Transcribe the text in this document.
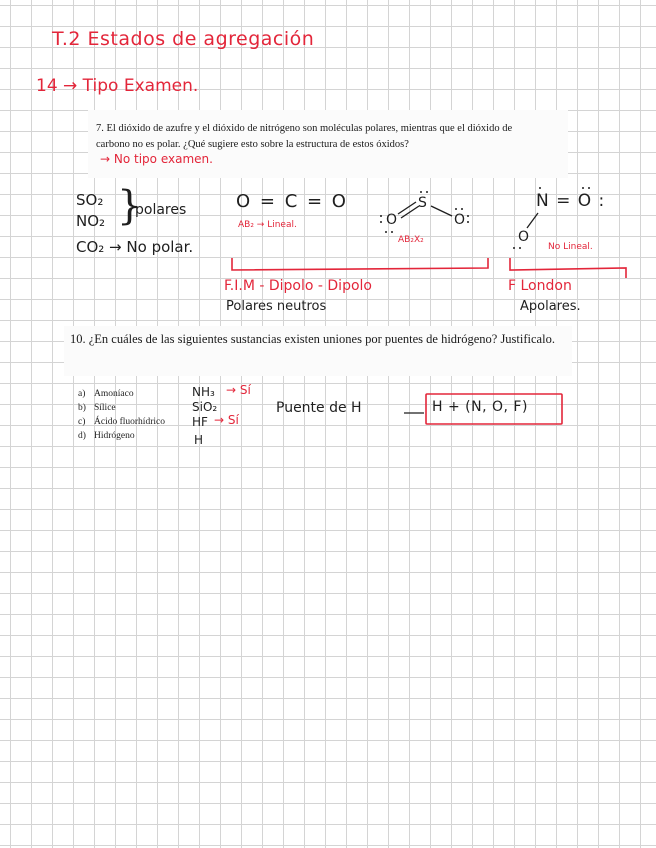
T.2 Estados de agregación
14 → Tipo Examen.
7. El dióxido de azufre y el dióxido de nitrógeno son moléculas polares, mientras que el dióxido de carbono no es polar. ¿Qué sugiere esto sobre la estructura de estos óxidos?
→ No tipo examen.
SO₂
NO₂ }
polares
CO₂ → No polar.
O = C = O
AB₂ → Lineal.
S
O	O
AB₂X₂
N = O :
O
No Lineal.
F.I.M - Dipolo - Dipolo
Polares neutros
F London
Apolares.
10. ¿En cuáles de las siguientes sustancias existen uniones por puentes de hidrógeno? Justificalo.
a) Amoníaco
b) Sílice
c) Ácido fluorhídrico
d) Hidrógeno
NH₃ → Sí
SiO₂
HF → Sí
H
Puente de H	H + (N, O, F)
